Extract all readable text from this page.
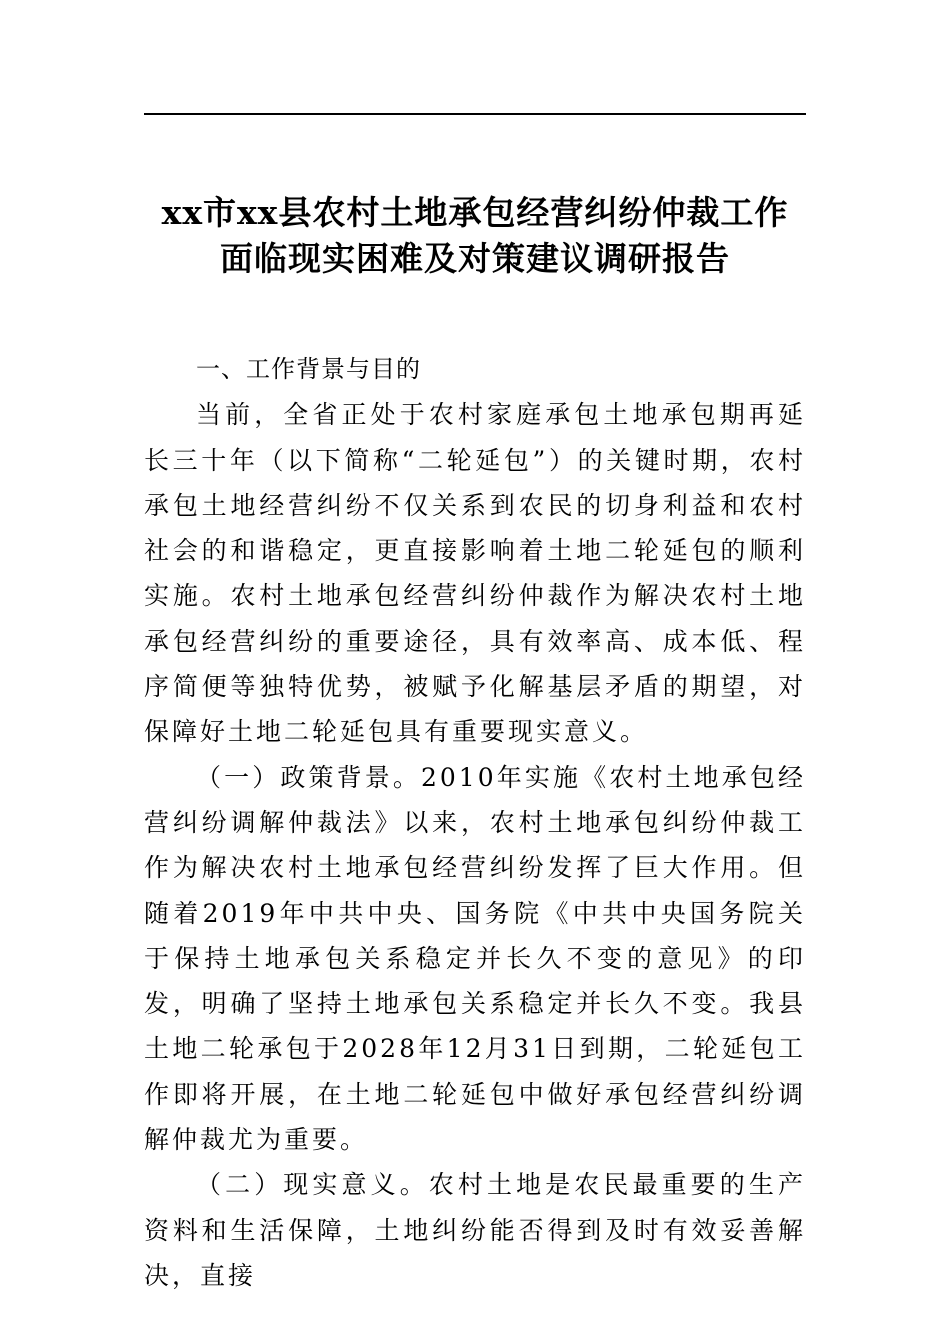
xx市xx县农村土地承包经营纠纷仲裁工作
面临现实困难及对策建议调研报告

一、工作背景与目的

当前，全省正处于农村家庭承包土地承包期再延长三十年（以下简称“二轮延包”）的关键时期，农村承包土地经营纠纷不仅关系到农民的切身利益和农村社会的和谐稳定，更直接影响着土地二轮延包的顺利实施。农村土地承包经营纠纷仲裁作为解决农村土地承包经营纠纷的重要途径，具有效率高、成本低、程序简便等独特优势，被赋予化解基层矛盾的期望，对保障好土地二轮延包具有重要现实意义。

（一）政策背景。2010年实施《农村土地承包经营纠纷调解仲裁法》以来，农村土地承包纠纷仲裁工作为解决农村土地承包经营纠纷发挥了巨大作用。但随着2019年中共中央、国务院《中共中央国务院关于保持土地承包关系稳定并长久不变的意见》的印发，明确了坚持土地承包关系稳定并长久不变。我县土地二轮承包于2028年12月31日到期，二轮延包工作即将开展，在土地二轮延包中做好承包经营纠纷调解仲裁尤为重要。

（二）现实意义。农村土地是农民最重要的生产资料和生活保障，土地纠纷能否得到及时有效妥善解决，直接
